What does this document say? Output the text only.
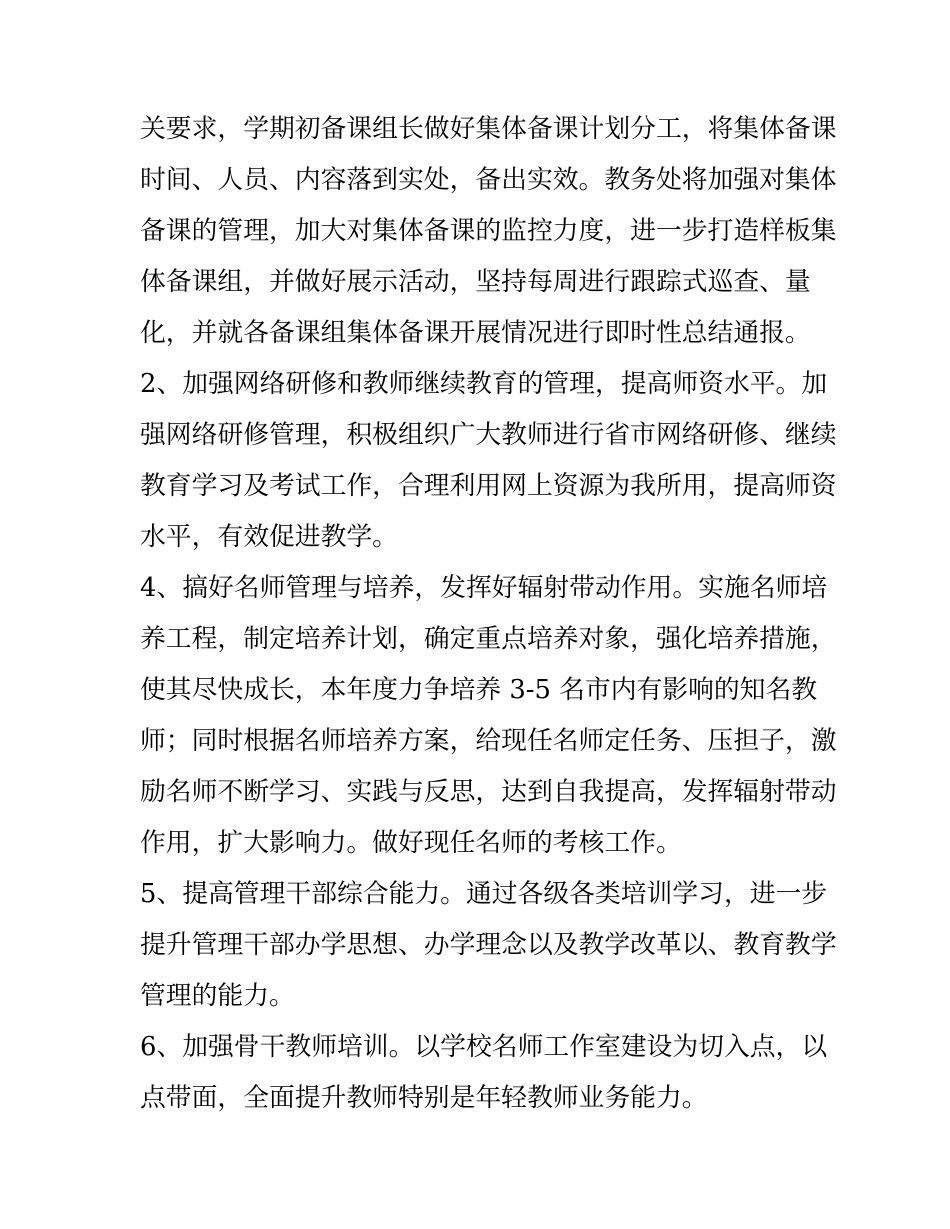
关要求，学期初备课组长做好集体备课计划分工，将集体备课
时间、人员、内容落到实处，备出实效。教务处将加强对集体
备课的管理，加大对集体备课的监控力度，进一步打造样板集
体备课组，并做好展示活动，坚持每周进行跟踪式巡查、量
化，并就各备课组集体备课开展情况进行即时性总结通报。

2、加强网络研修和教师继续教育的管理，提高师资水平。加
强网络研修管理，积极组织广大教师进行省市网络研修、继续
教育学习及考试工作，合理利用网上资源为我所用，提高师资
水平，有效促进教学。

4、搞好名师管理与培养，发挥好辐射带动作用。实施名师培
养工程，制定培养计划，确定重点培养对象，强化培养措施，
使其尽快成长，本年度力争培养 3-5 名市内有影响的知名教
师；同时根据名师培养方案，给现任名师定任务、压担子，激
励名师不断学习、实践与反思，达到自我提高，发挥辐射带动
作用，扩大影响力。做好现任名师的考核工作。

5、提高管理干部综合能力。通过各级各类培训学习，进一步
提升管理干部办学思想、办学理念以及教学改革以、教育教学
管理的能力。

6、加强骨干教师培训。以学校名师工作室建设为切入点，以
点带面，全面提升教师特别是年轻教师业务能力。
